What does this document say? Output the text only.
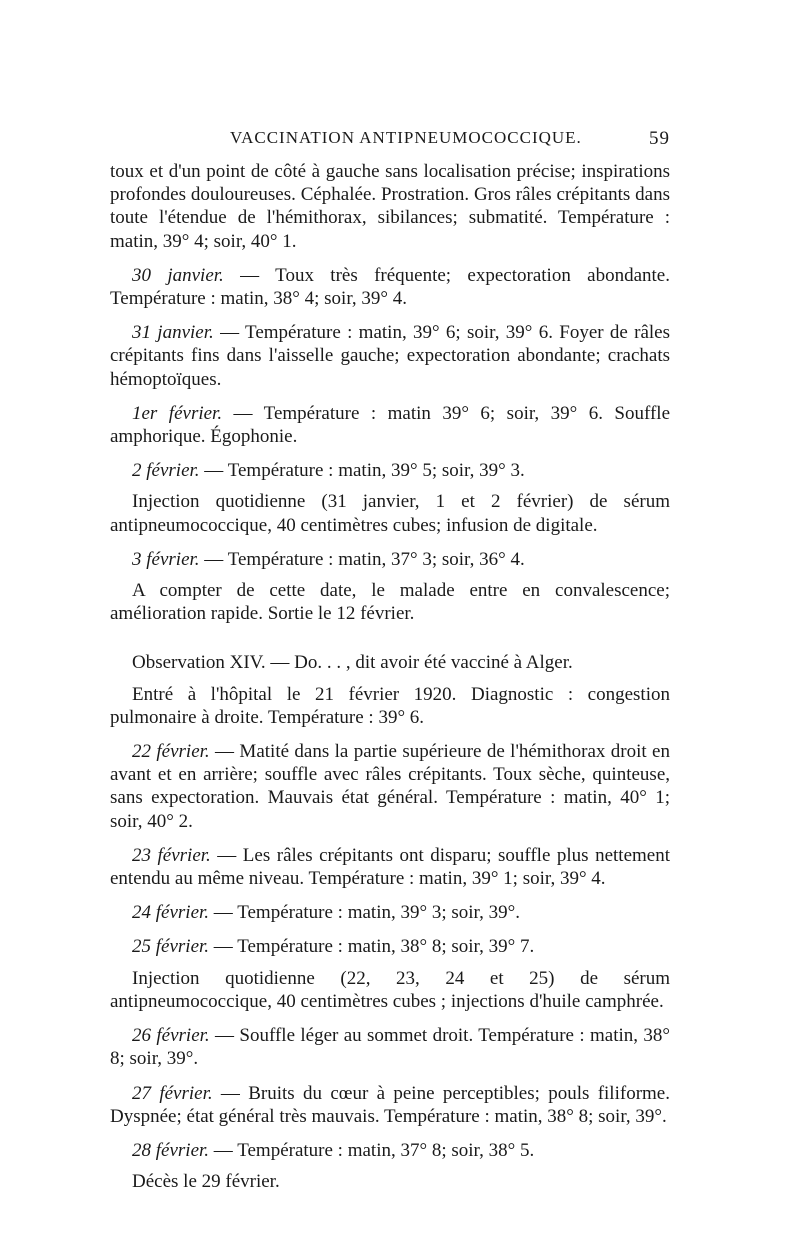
VACCINATION ANTIPNEUMOCOCCIQUE.	59

toux et d'un point de côté à gauche sans localisation précise; inspirations profondes douloureuses. Céphalée. Prostration. Gros râles crépitants dans toute l'étendue de l'hémithorax, sibilances; submatité. Température : matin, 39° 4; soir, 40° 1.

30 janvier. — Toux très fréquente; expectoration abondante. Température : matin, 38° 4; soir, 39° 4.

31 janvier. — Température : matin, 39° 6; soir, 39° 6. Foyer de râles crépitants fins dans l'aisselle gauche; expectoration abondante; crachats hémoptoïques.

1er février. — Température : matin 39° 6; soir, 39° 6. Souffle amphorique. Égophonie.

2 février. — Température : matin, 39° 5; soir, 39° 3.

Injection quotidienne (31 janvier, 1 et 2 février) de sérum antipneumococcique, 40 centimètres cubes; infusion de digitale.

3 février. — Température : matin, 37° 3; soir, 36° 4.

A compter de cette date, le malade entre en convalescence; amélioration rapide. Sortie le 12 février.

Observation XIV. — Do. . . , dit avoir été vacciné à Alger.

Entré à l'hôpital le 21 février 1920. Diagnostic : congestion pulmonaire à droite. Température : 39° 6.

22 février. — Matité dans la partie supérieure de l'hémithorax droit en avant et en arrière; souffle avec râles crépitants. Toux sèche, quinteuse, sans expectoration. Mauvais état général. Température : matin, 40° 1; soir, 40° 2.

23 février. — Les râles crépitants ont disparu; souffle plus nettement entendu au même niveau. Température : matin, 39° 1; soir, 39° 4.

24 février. — Température : matin, 39° 3; soir, 39°.

25 février. — Température : matin, 38° 8; soir, 39° 7.

Injection quotidienne (22, 23, 24 et 25) de sérum antipneumococcique, 40 centimètres cubes ; injections d'huile camphrée.

26 février. — Souffle léger au sommet droit. Température : matin, 38° 8; soir, 39°.

27 février. — Bruits du cœur à peine perceptibles; pouls filiforme. Dyspnée; état général très mauvais. Température : matin, 38° 8; soir, 39°.

28 février. — Température : matin, 37° 8; soir, 38° 5.

Décès le 29 février.
